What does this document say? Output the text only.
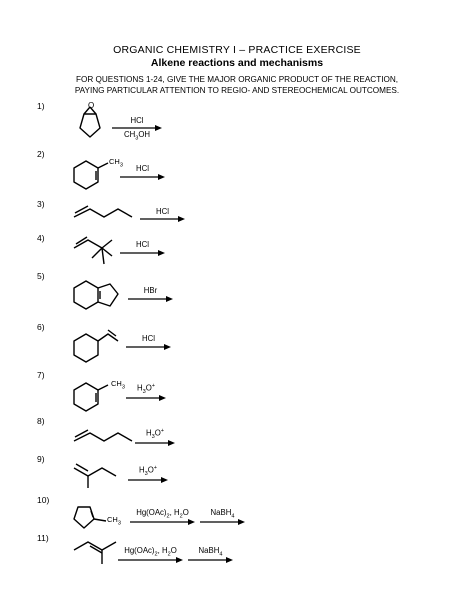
ORGANIC CHEMISTRY I – PRACTICE EXERCISE
Alkene reactions and mechanisms
FOR QUESTIONS 1-24, GIVE THE MAJOR ORGANIC PRODUCT OF THE REACTION,
PAYING PARTICULAR ATTENTION TO REGIO- AND STEREOCHEMICAL OUTCOMES.
1)	O
HCl
$CH_3OH$
2)
$CH_3$	HCl
3)
HCl
4)
HCl
5)
HBr
6)
HCl
7)
$CH_3$	$H_3O^+$
8)
$H_3O^+$
9)
$H_3O^+$
10)
$CH_3$
$Hg(OAc)_2$, $H_2O$	NaBH$_4$
11)
$Hg(OAc)_2$, $H_2O$	NaBH$_4$
